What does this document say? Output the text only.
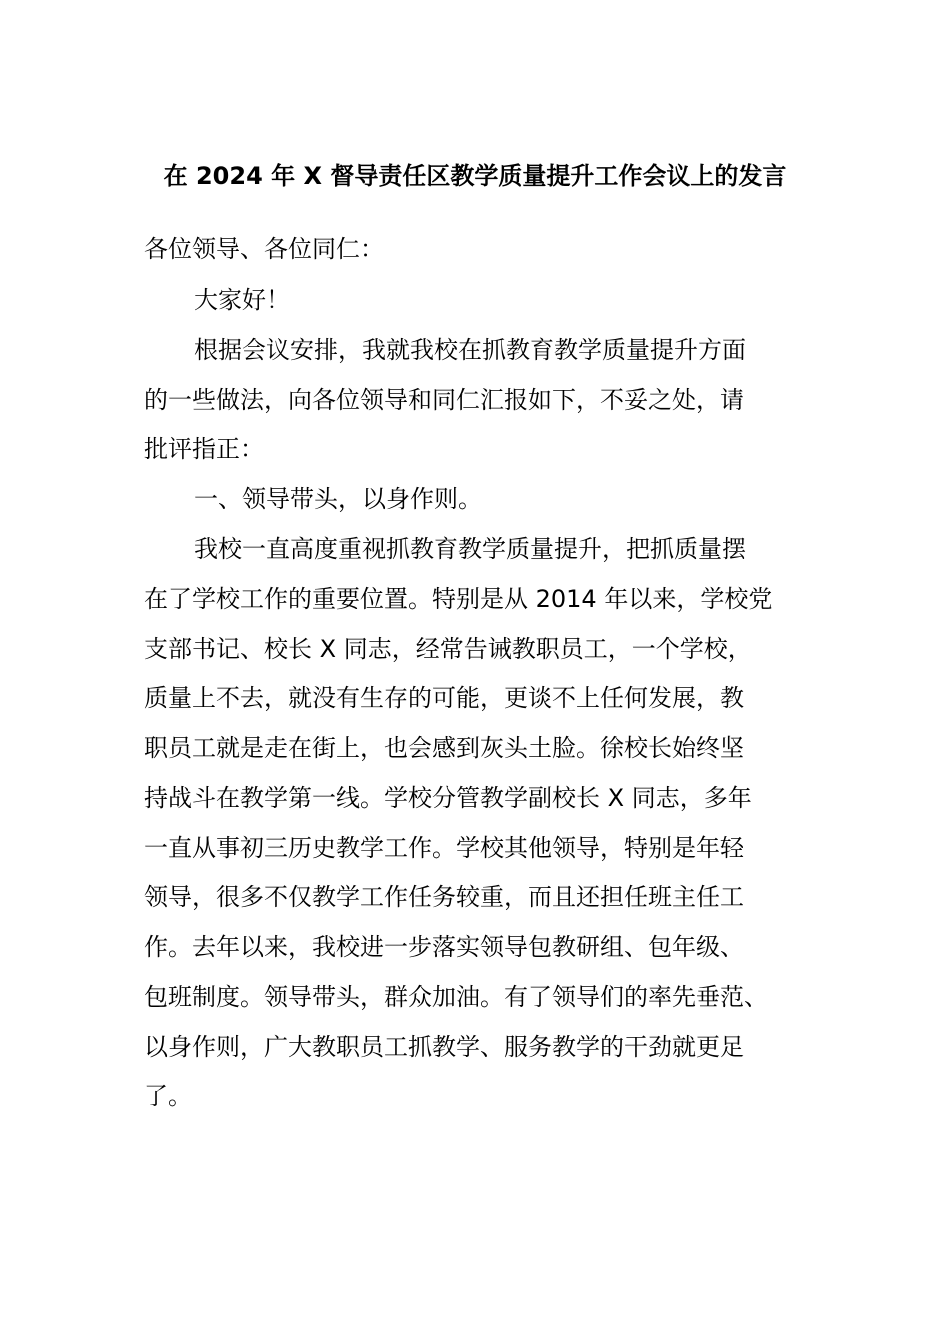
在 2024 年 X 督导责任区教学质量提升工作会议上的发言

各位领导、各位同仁：

大家好！

根据会议安排，我就我校在抓教育教学质量提升方面

的一些做法，向各位领导和同仁汇报如下，不妥之处，请

批评指正：

一、领导带头，以身作则。

我校一直高度重视抓教育教学质量提升，把抓质量摆

在了学校工作的重要位置。特别是从 2014 年以来，学校党

支部书记、校长 X 同志，经常告诫教职员工，一个学校，

质量上不去，就没有生存的可能，更谈不上任何发展，教

职员工就是走在街上，也会感到灰头土脸。徐校长始终坚

持战斗在教学第一线。学校分管教学副校长 X 同志，多年

一直从事初三历史教学工作。学校其他领导，特别是年轻

领导，很多不仅教学工作任务较重，而且还担任班主任工

作。去年以来，我校进一步落实领导包教研组、包年级、

包班制度。领导带头，群众加油。有了领导们的率先垂范、

以身作则，广大教职员工抓教学、服务教学的干劲就更足

了。
